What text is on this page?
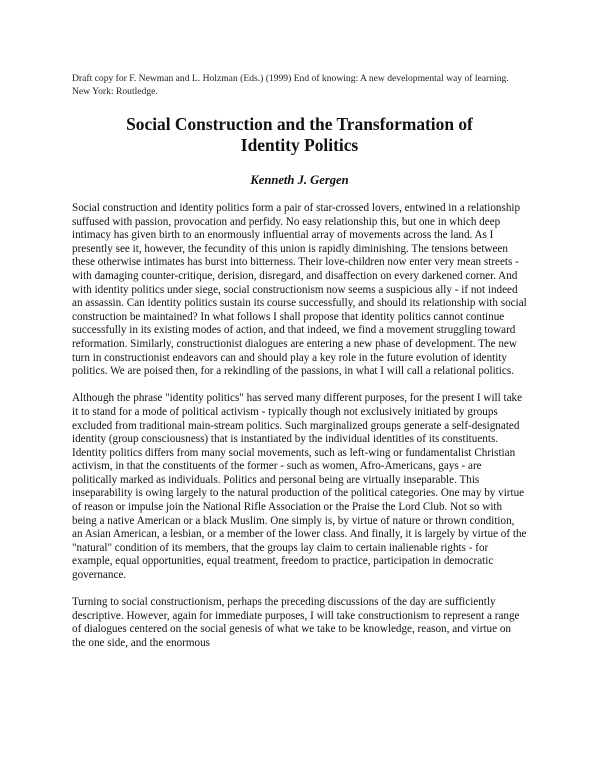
Draft copy for F. Newman and L. Holzman (Eds.) (1999) End of knowing: A new developmental way of learning. New York: Routledge.

Social Construction and the Transformation of
Identity Politics

Kenneth J. Gergen

Social construction and identity politics form a pair of star-crossed lovers, entwined in a relationship suffused with passion, provocation and perfidy. No easy relationship this, but one in which deep intimacy has given birth to an enormously influential array of movements across the land. As I presently see it, however, the fecundity of this union is rapidly diminishing. The tensions between these otherwise intimates has burst into bitterness. Their love-children now enter very mean streets - with damaging counter-critique, derision, disregard, and disaffection on every darkened corner. And with identity politics under siege, social constructionism now seems a suspicious ally - if not indeed an assassin. Can identity politics sustain its course successfully, and should its relationship with social construction be maintained? In what follows I shall propose that identity politics cannot continue successfully in its existing modes of action, and that indeed, we find a movement struggling toward reformation. Similarly, constructionist dialogues are entering a new phase of development. The new turn in constructionist endeavors can and should play a key role in the future evolution of identity politics. We are poised then, for a rekindling of the passions, in what I will call a relational politics.

Although the phrase "identity politics" has served many different purposes, for the present I will take it to stand for a mode of political activism - typically though not exclusively initiated by groups excluded from traditional main-stream politics. Such marginalized groups generate a self-designated identity (group consciousness) that is instantiated by the individual identities of its constituents. Identity politics differs from many social movements, such as left-wing or fundamentalist Christian activism, in that the constituents of the former - such as women, Afro-Americans, gays - are politically marked as individuals. Politics and personal being are virtually inseparable. This inseparability is owing largely to the natural production of the political categories. One may by virtue of reason or impulse join the National Rifle Association or the Praise the Lord Club. Not so with being a native American or a black Muslim. One simply is, by virtue of nature or thrown condition, an Asian American, a lesbian, or a member of the lower class. And finally, it is largely by virtue of the "natural" condition of its members, that the groups lay claim to certain inalienable rights - for example, equal opportunities, equal treatment, freedom to practice, participation in democratic governance.

Turning to social constructionism, perhaps the preceding discussions of the day are sufficiently descriptive. However, again for immediate purposes, I will take constructionism to represent a range of dialogues centered on the social genesis of what we take to be knowledge, reason, and virtue on the one side, and the enormous
